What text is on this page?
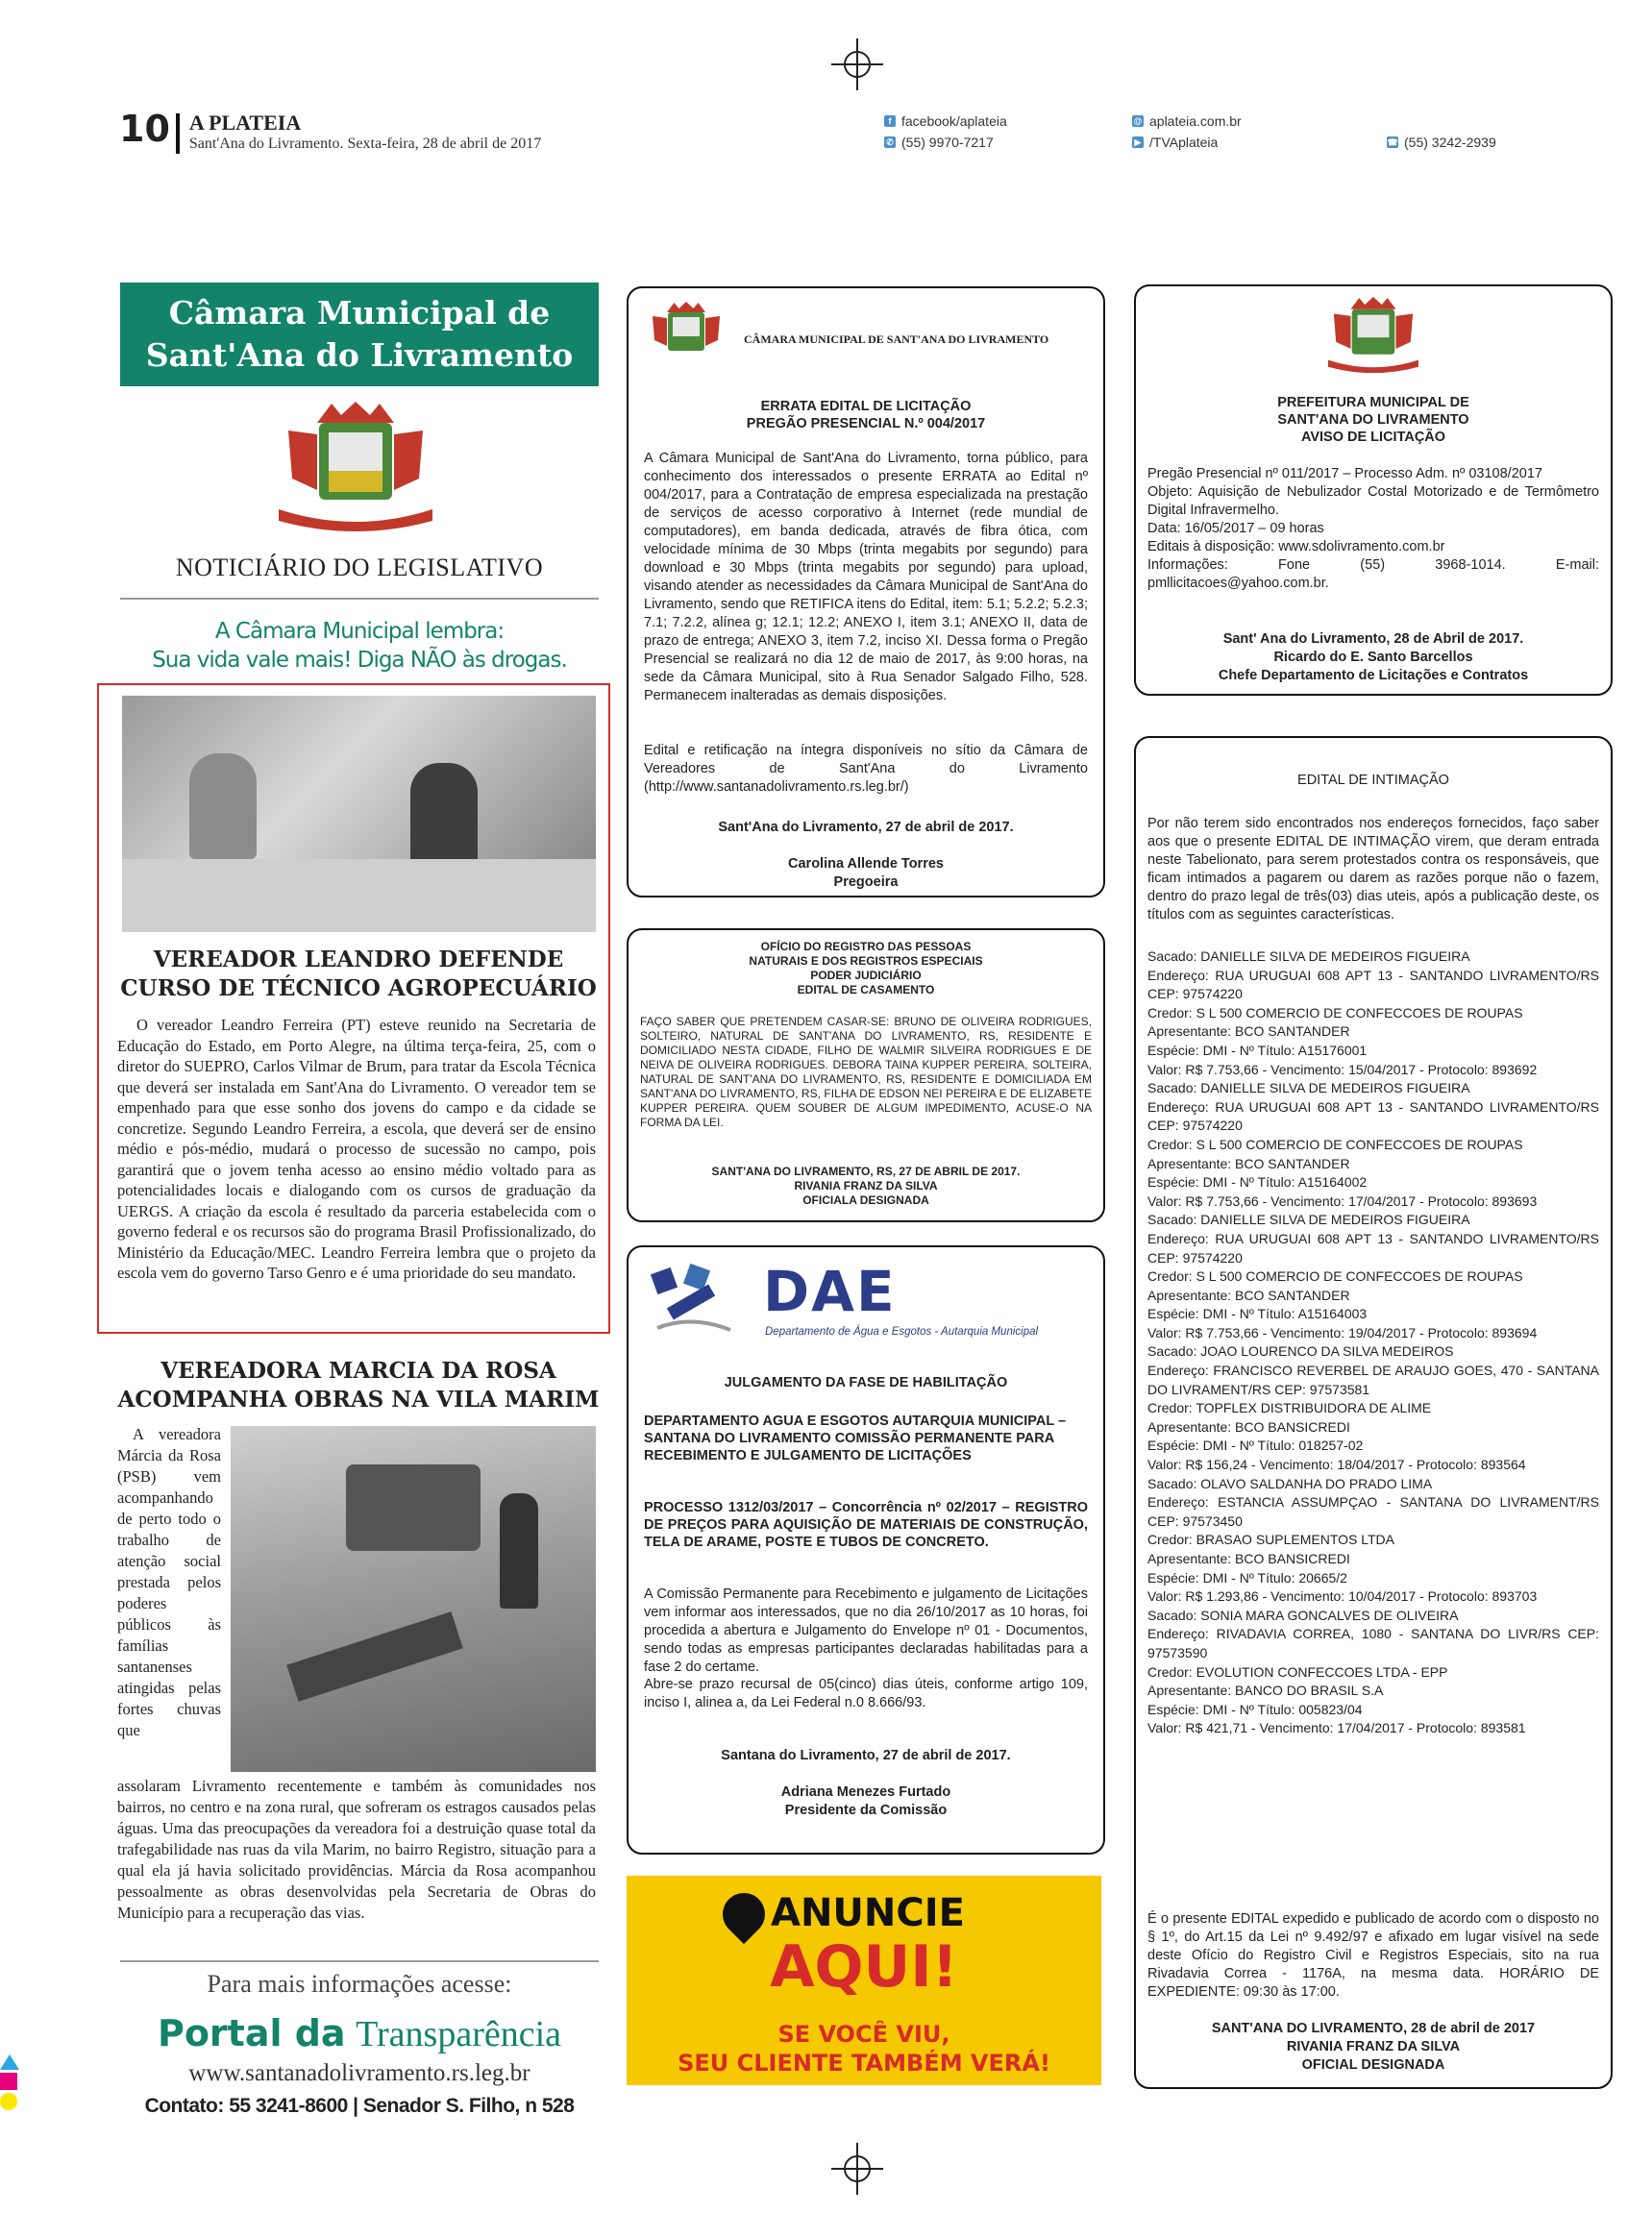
10 A PLATEIA
Sant'Ana do Livramento. Sexta-feira, 28 de abril de 2017
f facebook/aplateia
✆ (55) 9970-7217
@ aplateia.com.br
▶ /TVAplateia	☎ (55) 3242-2939
Câmara Municipal de
Sant'Ana do Livramento
NOTICIÁRIO DO LEGISLATIVO
A Câmara Municipal lembra:
Sua vida vale mais! Diga NÃO às drogas.
VEREADOR LEANDRO DEFENDE
CURSO DE TÉCNICO AGROPECUÁRIO
O vereador Leandro Ferreira (PT) esteve reunido na Secretaria de Educação do Estado, em Porto Alegre, na última terça-feira, 25, com o diretor do SUEPRO, Carlos Vilmar de Brum, para tratar da Escola Técnica que deverá ser instalada em Sant'Ana do Livramento. O vereador tem se empenhado para que esse sonho dos jovens do campo e da cidade se concretize. Segundo Leandro Ferreira, a escola, que deverá ser de ensino médio e pós-médio, mudará o processo de sucessão no campo, pois garantirá que o jovem tenha acesso ao ensino médio voltado para as potencialidades locais e dialogando com os cursos de graduação da UERGS. A criação da escola é resultado da parceria estabelecida com o governo federal e os recursos são do programa Brasil Profissionalizado, do Ministério da Educação/MEC. Leandro Ferreira lembra que o projeto da escola vem do governo Tarso Genro e é uma prioridade do seu mandato.
VEREADORA MARCIA DA ROSA
ACOMPANHA OBRAS NA VILA MARIM
A vereadora Márcia da Rosa (PSB) vem acompanhando de perto todo o trabalho de atenção social prestada pelos poderes públicos às famílias santanenses atingidas pelas fortes chuvas que
assolaram Livramento recentemente e também às comunidades nos bairros, no centro e na zona rural, que sofreram os estragos causados pelas águas. Uma das preocupações da vereadora foi a destruição quase total da trafegabilidade nas ruas da vila Marim, no bairro Registro, situação para a qual ela já havia solicitado providências. Márcia da Rosa acompanhou pessoalmente as obras desenvolvidas pela Secretaria de Obras do Município para a recuperação das vias.
Para mais informações acesse:
Portal da Transparência
www.santanadolivramento.rs.leg.br
Contato: 55 3241-8600 | Senador S. Filho, n 528
CÂMARA MUNICIPAL DE SANT'ANA DO LIVRAMENTO
ERRATA EDITAL DE LICITAÇÃO
PREGÃO PRESENCIAL N.º 004/2017
A Câmara Municipal de Sant'Ana do Livramento, torna público, para conhecimento dos interessados o presente ERRATA ao Edital nº 004/2017, para a Contratação de empresa especializada na prestação de serviços de acesso corporativo à Internet (rede mundial de computadores), em banda dedicada, através de fibra ótica, com velocidade mínima de 30 Mbps (trinta megabits por segundo) para download e 30 Mbps (trinta megabits por segundo) para upload, visando atender as necessidades da Câmara Municipal de Sant'Ana do Livramento, sendo que RETIFICA itens do Edital, item: 5.1; 5.2.2; 5.2.3; 7.1; 7.2.2, alínea g; 12.1; 12.2; ANEXO I, item 3.1; ANEXO II, data de prazo de entrega; ANEXO 3, item 7.2, inciso XI. Dessa forma o Pregão Presencial se realizará no dia 12 de maio de 2017, às 9:00 horas, na sede da Câmara Municipal, sito à Rua Senador Salgado Filho, 528. Permanecem inalteradas as demais disposições.
Edital e retificação na íntegra disponíveis no sítio da Câmara de Vereadores de Sant'Ana do Livramento (http://www.santanadolivramento.rs.leg.br/)
Sant'Ana do Livramento, 27 de abril de 2017.
Carolina Allende Torres
Pregoeira
OFÍCIO DO REGISTRO DAS PESSOAS
NATURAIS E DOS REGISTROS ESPECIAIS
PODER JUDICIÁRIO
EDITAL DE CASAMENTO
FAÇO SABER QUE PRETENDEM CASAR-SE: BRUNO DE OLIVEIRA RODRIGUES, SOLTEIRO, NATURAL DE SANT'ANA DO LIVRAMENTO, RS, RESIDENTE E DOMICILIADO NESTA CIDADE, FILHO DE WALMIR SILVEIRA RODRIGUES E DE NEIVA DE OLIVEIRA RODRIGUES. DEBORA TAINA KUPPER PEREIRA, SOLTEIRA, NATURAL DE SANT'ANA DO LIVRAMENTO, RS, RESIDENTE E DOMICILIADA EM SANT'ANA DO LIVRAMENTO, RS, FILHA DE EDSON NEI PEREIRA E DE ELIZABETE KUPPER PEREIRA. QUEM SOUBER DE ALGUM IMPEDIMENTO, ACUSE-O NA FORMA DA LEI.
SANT'ANA DO LIVRAMENTO, RS, 27 DE ABRIL DE 2017.
RIVANIA FRANZ DA SILVA
OFICIALA DESIGNADA
DAE
Departamento de Água e Esgotos - Autarquia Municipal
JULGAMENTO DA FASE DE HABILITAÇÃO
DEPARTAMENTO AGUA E ESGOTOS AUTARQUIA MUNICIPAL – SANTANA DO LIVRAMENTO COMISSÃO PERMANENTE PARA RECEBIMENTO E JULGAMENTO DE LICITAÇÕES
PROCESSO 1312/03/2017 – Concorrência nº 02/2017 – REGISTRO DE PREÇOS PARA AQUISIÇÃO DE MATERIAIS DE CONSTRUÇÃO, TELA DE ARAME, POSTE E TUBOS DE CONCRETO.
A Comissão Permanente para Recebimento e julgamento de Licitações vem informar aos interessados, que no dia 26/10/2017 as 10 horas, foi procedida a abertura e Julgamento do Envelope nº 01 - Documentos, sendo todas as empresas participantes declaradas habilitadas para a fase 2 do certame.
Abre-se prazo recursal de 05(cinco) dias úteis, conforme artigo 109, inciso I, alinea a, da Lei Federal n.0 8.666/93.
Santana do Livramento, 27 de abril de 2017.
Adriana Menezes Furtado
Presidente da Comissão
ANUNCIE
AQUI!
SE VOCÊ VIU,
SEU CLIENTE TAMBÉM VERÁ!
PREFEITURA MUNICIPAL DE
SANT'ANA DO LIVRAMENTO
AVISO DE LICITAÇÃO
Pregão Presencial nº 011/2017 – Processo Adm. nº 03108/2017
Objeto: Aquisição de Nebulizador Costal Motorizado e de Termômetro Digital Infravermelho.
Data: 16/05/2017 – 09 horas
Editais à disposição: www.sdolivramento.com.br
Informações: Fone (55) 3968-1014. E-mail: pmllicitacoes@yahoo.com.br.
Sant' Ana do Livramento, 28 de Abril de 2017.
Ricardo do E. Santo Barcellos
Chefe Departamento de Licitações e Contratos
EDITAL DE INTIMAÇÃO
Por não terem sido encontrados nos endereços fornecidos, faço saber aos que o presente EDITAL DE INTIMAÇÃO virem, que deram entrada neste Tabelionato, para serem protestados contra os responsáveis, que ficam intimados a pagarem ou darem as razões porque não o fazem, dentro do prazo legal de três(03) dias uteis, após a publicação deste, os títulos com as seguintes características.
Sacado: DANIELLE SILVA DE MEDEIROS FIGUEIRA
Endereço: RUA URUGUAI 608 APT 13 - SANTANDO LIVRAMENTO/RS CEP: 97574220
Credor: S L 500 COMERCIO DE CONFECCOES DE ROUPAS
Apresentante: BCO SANTANDER
Espécie: DMI - Nº Título: A15176001
Valor: R$ 7.753,66 - Vencimento: 15/04/2017 - Protocolo: 893692
Sacado: DANIELLE SILVA DE MEDEIROS FIGUEIRA
Endereço: RUA URUGUAI 608 APT 13 - SANTANDO LIVRAMENTO/RS CEP: 97574220
Credor: S L 500 COMERCIO DE CONFECCOES DE ROUPAS
Apresentante: BCO SANTANDER
Espécie: DMI - Nº Título: A15164002
Valor: R$ 7.753,66 - Vencimento: 17/04/2017 - Protocolo: 893693
Sacado: DANIELLE SILVA DE MEDEIROS FIGUEIRA
Endereço: RUA URUGUAI 608 APT 13 - SANTANDO LIVRAMENTO/RS CEP: 97574220
Credor: S L 500 COMERCIO DE CONFECCOES DE ROUPAS
Apresentante: BCO SANTANDER
Espécie: DMI - Nº Título: A15164003
Valor: R$ 7.753,66 - Vencimento: 19/04/2017 - Protocolo: 893694
Sacado: JOAO LOURENCO DA SILVA MEDEIROS
Endereço: FRANCISCO REVERBEL DE ARAUJO GOES, 470 - SANTANA DO LIVRAMENT/RS CEP: 97573581
Credor: TOPFLEX DISTRIBUIDORA DE ALIME
Apresentante: BCO BANSICREDI
Espécie: DMI - Nº Título: 018257-02
Valor: R$ 156,24 - Vencimento: 18/04/2017 - Protocolo: 893564
Sacado: OLAVO SALDANHA DO PRADO LIMA
Endereço: ESTANCIA ASSUMPÇAO - SANTANA DO LIVRAMENT/RS CEP: 97573450
Credor: BRASAO SUPLEMENTOS LTDA
Apresentante: BCO BANSICREDI
Espécie: DMI - Nº Título: 20665/2
Valor: R$ 1.293,86 - Vencimento: 10/04/2017 - Protocolo: 893703
Sacado: SONIA MARA GONCALVES DE OLIVEIRA
Endereço: RIVADAVIA CORREA, 1080 - SANTANA DO LIVR/RS CEP: 97573590
Credor: EVOLUTION CONFECCOES LTDA - EPP
Apresentante: BANCO DO BRASIL S.A
Espécie: DMI - Nº Título: 005823/04
Valor: R$ 421,71 - Vencimento: 17/04/2017 - Protocolo: 893581
É o presente EDITAL expedido e publicado de acordo com o disposto no § 1º, do Art.15 da Lei nº 9.492/97 e afixado em lugar visível na sede deste Ofício do Registro Civil e Registros Especiais, sito na rua Rivadavia Correa - 1176A, na mesma data. HORÁRIO DE EXPEDIENTE: 09:30 às 17:00.
SANT'ANA DO LIVRAMENTO, 28 de abril de 2017
RIVANIA FRANZ DA SILVA
OFICIAL DESIGNADA
